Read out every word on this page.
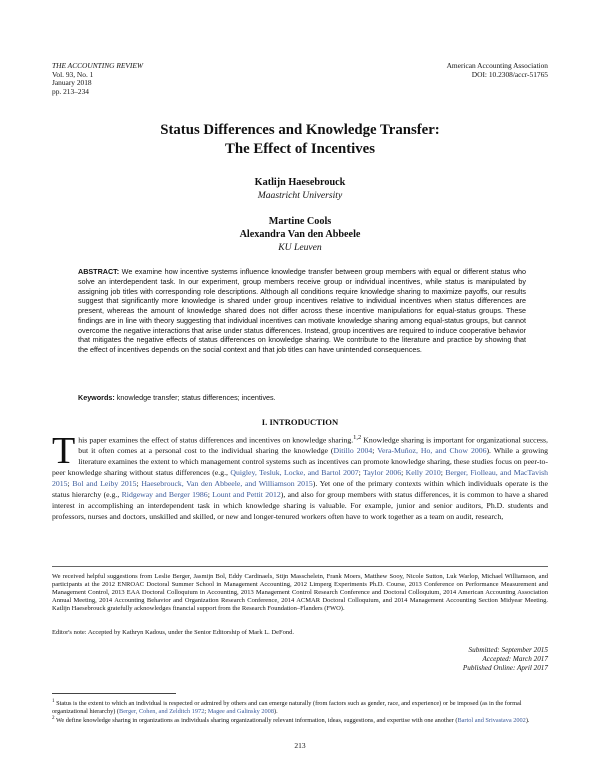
THE ACCOUNTING REVIEW
Vol. 93, No. 1
January 2018
pp. 213–234
American Accounting Association
DOI: 10.2308/accr-51765
Status Differences and Knowledge Transfer:
The Effect of Incentives
Katlijn Haesebrouck
Maastricht University
Martine Cools
Alexandra Van den Abbeele
KU Leuven

ABSTRACT: We examine how incentive systems influence knowledge transfer between group members with equal or different status who solve an interdependent task. In our experiment, group members receive group or individual incentives, while status is manipulated by assigning job titles with corresponding role descriptions. Although all conditions require knowledge sharing to maximize payoffs, our results suggest that significantly more knowledge is shared under group incentives relative to individual incentives when status differences are present, whereas the amount of knowledge shared does not differ across these incentive manipulations for equal-status groups. These findings are in line with theory suggesting that individual incentives can motivate knowledge sharing among equal-status groups, but cannot overcome the negative interactions that arise under status differences. Instead, group incentives are required to induce cooperative behavior that mitigates the negative effects of status differences on knowledge sharing. We contribute to the literature and practice by showing that the effect of incentives depends on the social context and that job titles can have unintended consequences.

Keywords: knowledge transfer; status differences; incentives.

I. INTRODUCTION

This paper examines the effect of status differences and incentives on knowledge sharing.$^{1,2}$ Knowledge sharing is important for organizational success, but it often comes at a personal cost to the individual sharing the knowledge (Ditillo 2004; Vera-Muñoz, Ho, and Chow 2006). While a growing literature examines the extent to which management control systems such as incentives can promote knowledge sharing, these studies focus on peer-to-peer knowledge sharing without status differences (e.g., Quigley, Tesluk, Locke, and Bartol 2007; Taylor 2006; Kelly 2010; Berger, Fiolleau, and MacTavish 2015; Bol and Leiby 2015; Haesebrouck, Van den Abbeele, and Williamson 2015). Yet one of the primary contexts within which individuals operate is the status hierarchy (e.g., Ridgeway and Berger 1986; Lount and Pettit 2012), and also for group members with status differences, it is common to have a shared interest in accomplishing an interdependent task in which knowledge sharing is valuable. For example, junior and senior auditors, Ph.D. students and professors, nurses and doctors, unskilled and skilled, or new and longer-tenured workers often have to work together as a team on audit, research,

We received helpful suggestions from Leslie Berger, Jasmijn Bol, Eddy Cardinaels, Stijn Masschelein, Frank Moers, Matthew Sooy, Nicole Sutton, Luk Warlop, Michael Williamson, and participants at the 2012 ENROAC Doctoral Summer School in Management Accounting, 2012 Limperg Experiments Ph.D. Course, 2013 Conference on Performance Measurement and Management Control, 2013 EAA Doctoral Colloquium in Accounting, 2013 Management Control Research Conference and Doctoral Colloquium, 2014 American Accounting Association Annual Meeting, 2014 Accounting Behavior and Organization Research Conference, 2014 ACMAR Doctoral Colloquium, and 2014 Management Accounting Section Midyear Meeting. Katlijn Haesebrouck gratefully acknowledges financial support from the Research Foundation–Flanders (FWO).

Editor's note: Accepted by Kathryn Kadous, under the Senior Editorship of Mark L. DeFond.

Submitted: September 2015
Accepted: March 2017
Published Online: April 2017

$^1$ Status is the extent to which an individual is respected or admired by others and can emerge naturally (from factors such as gender, race, and experience) or be imposed (as in the formal organizational hierarchy) (Berger, Cohen, and Zelditch 1972; Magee and Galinsky 2008).

$^2$ We define knowledge sharing in organizations as individuals sharing organizationally relevant information, ideas, suggestions, and expertise with one another (Bartol and Srivastava 2002).

213
